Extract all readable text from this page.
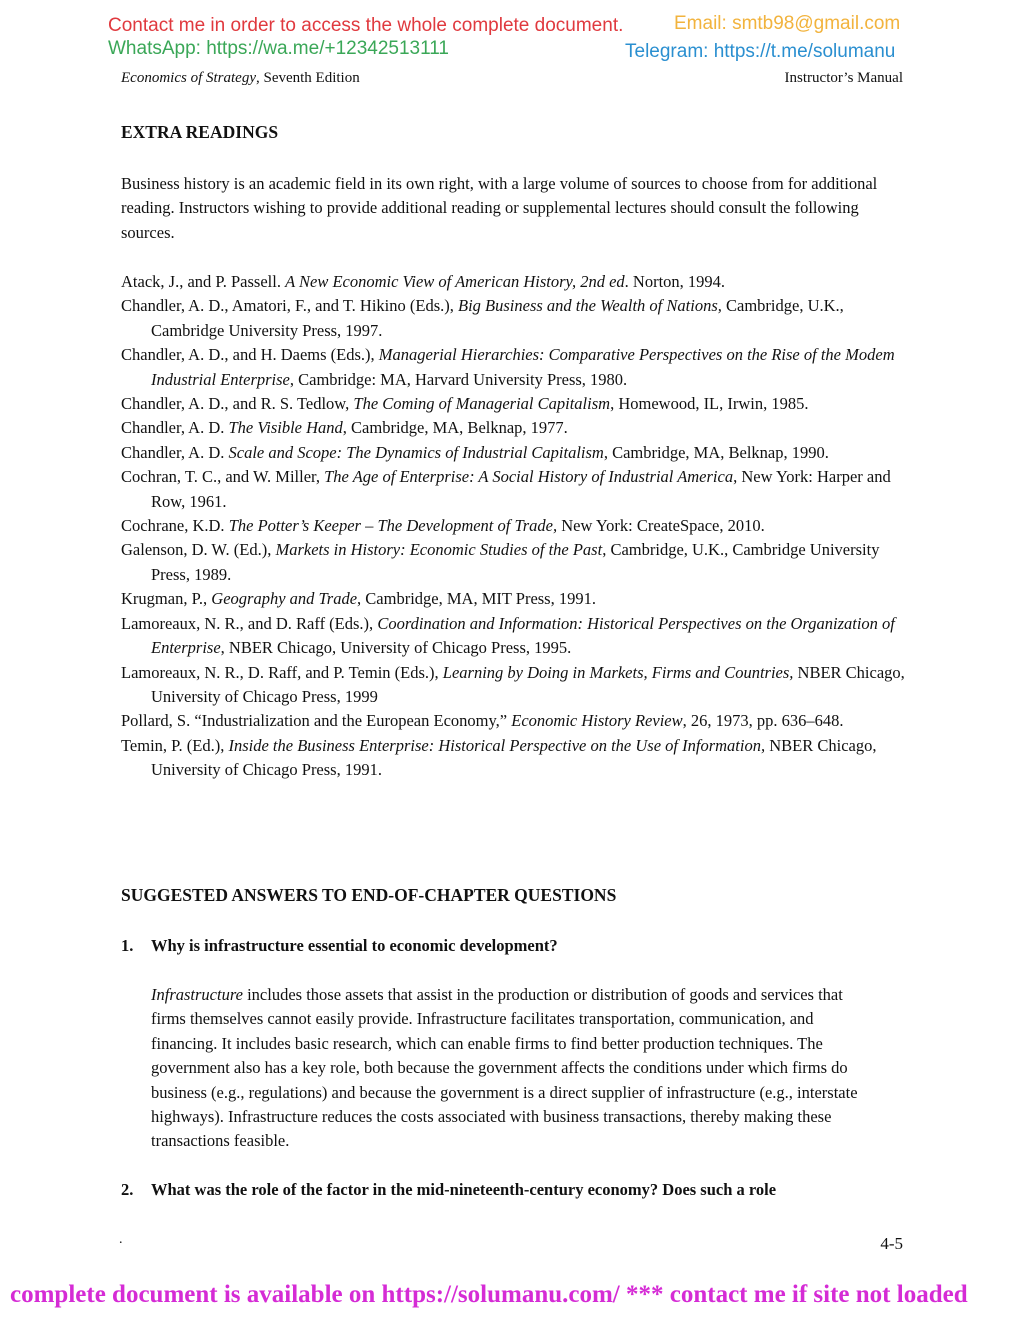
Contact me in order to access the whole complete document.	Email: smtb98@gmail.com
WhatsApp: https://wa.me/+12342513111	Telegram: https://t.me/solumanu
Economics of Strategy, Seventh Edition	Instructor’s Manual
EXTRA READINGS
Business history is an academic field in its own right, with a large volume of sources to choose from for additional reading. Instructors wishing to provide additional reading or supplemental lectures should consult the following sources.
Atack, J., and P. Passell. A New Economic View of American History, 2nd ed. Norton, 1994.
Chandler, A. D., Amatori, F., and T. Hikino (Eds.), Big Business and the Wealth of Nations, Cambridge, U.K., Cambridge University Press, 1997.
Chandler, A. D., and H. Daems (Eds.), Managerial Hierarchies: Comparative Perspectives on the Rise of the Modem Industrial Enterprise, Cambridge: MA, Harvard University Press, 1980.
Chandler, A. D., and R. S. Tedlow, The Coming of Managerial Capitalism, Homewood, IL, Irwin, 1985.
Chandler, A. D. The Visible Hand, Cambridge, MA, Belknap, 1977.
Chandler, A. D. Scale and Scope: The Dynamics of Industrial Capitalism, Cambridge, MA, Belknap, 1990.
Cochran, T. C., and W. Miller, The Age of Enterprise: A Social History of Industrial America, New York: Harper and Row, 1961.
Cochrane, K.D. The Potter’s Keeper – The Development of Trade, New York: CreateSpace, 2010.
Galenson, D. W. (Ed.), Markets in History: Economic Studies of the Past, Cambridge, U.K., Cambridge University Press, 1989.
Krugman, P., Geography and Trade, Cambridge, MA, MIT Press, 1991.
Lamoreaux, N. R., and D. Raff (Eds.), Coordination and Information: Historical Perspectives on the Organization of Enterprise, NBER Chicago, University of Chicago Press, 1995.
Lamoreaux, N. R., D. Raff, and P. Temin (Eds.), Learning by Doing in Markets, Firms and Countries, NBER Chicago, University of Chicago Press, 1999
Pollard, S. “Industrialization and the European Economy,” Economic History Review, 26, 1973, pp. 636–648.
Temin, P. (Ed.), Inside the Business Enterprise: Historical Perspective on the Use of Information, NBER Chicago, University of Chicago Press, 1991.
SUGGESTED ANSWERS TO END-OF-CHAPTER QUESTIONS
1. Why is infrastructure essential to economic development?
Infrastructure includes those assets that assist in the production or distribution of goods and services that firms themselves cannot easily provide. Infrastructure facilitates transportation, communication, and financing. It includes basic research, which can enable firms to find better production techniques. The government also has a key role, both because the government affects the conditions under which firms do business (e.g., regulations) and because the government is a direct supplier of infrastructure (e.g., interstate highways). Infrastructure reduces the costs associated with business transactions, thereby making these transactions feasible.
2. What was the role of the factor in the mid-nineteenth-century economy? Does such a role
.	4-5
complete document is available on https://solumanu.com/ *** contact me if site not loaded
